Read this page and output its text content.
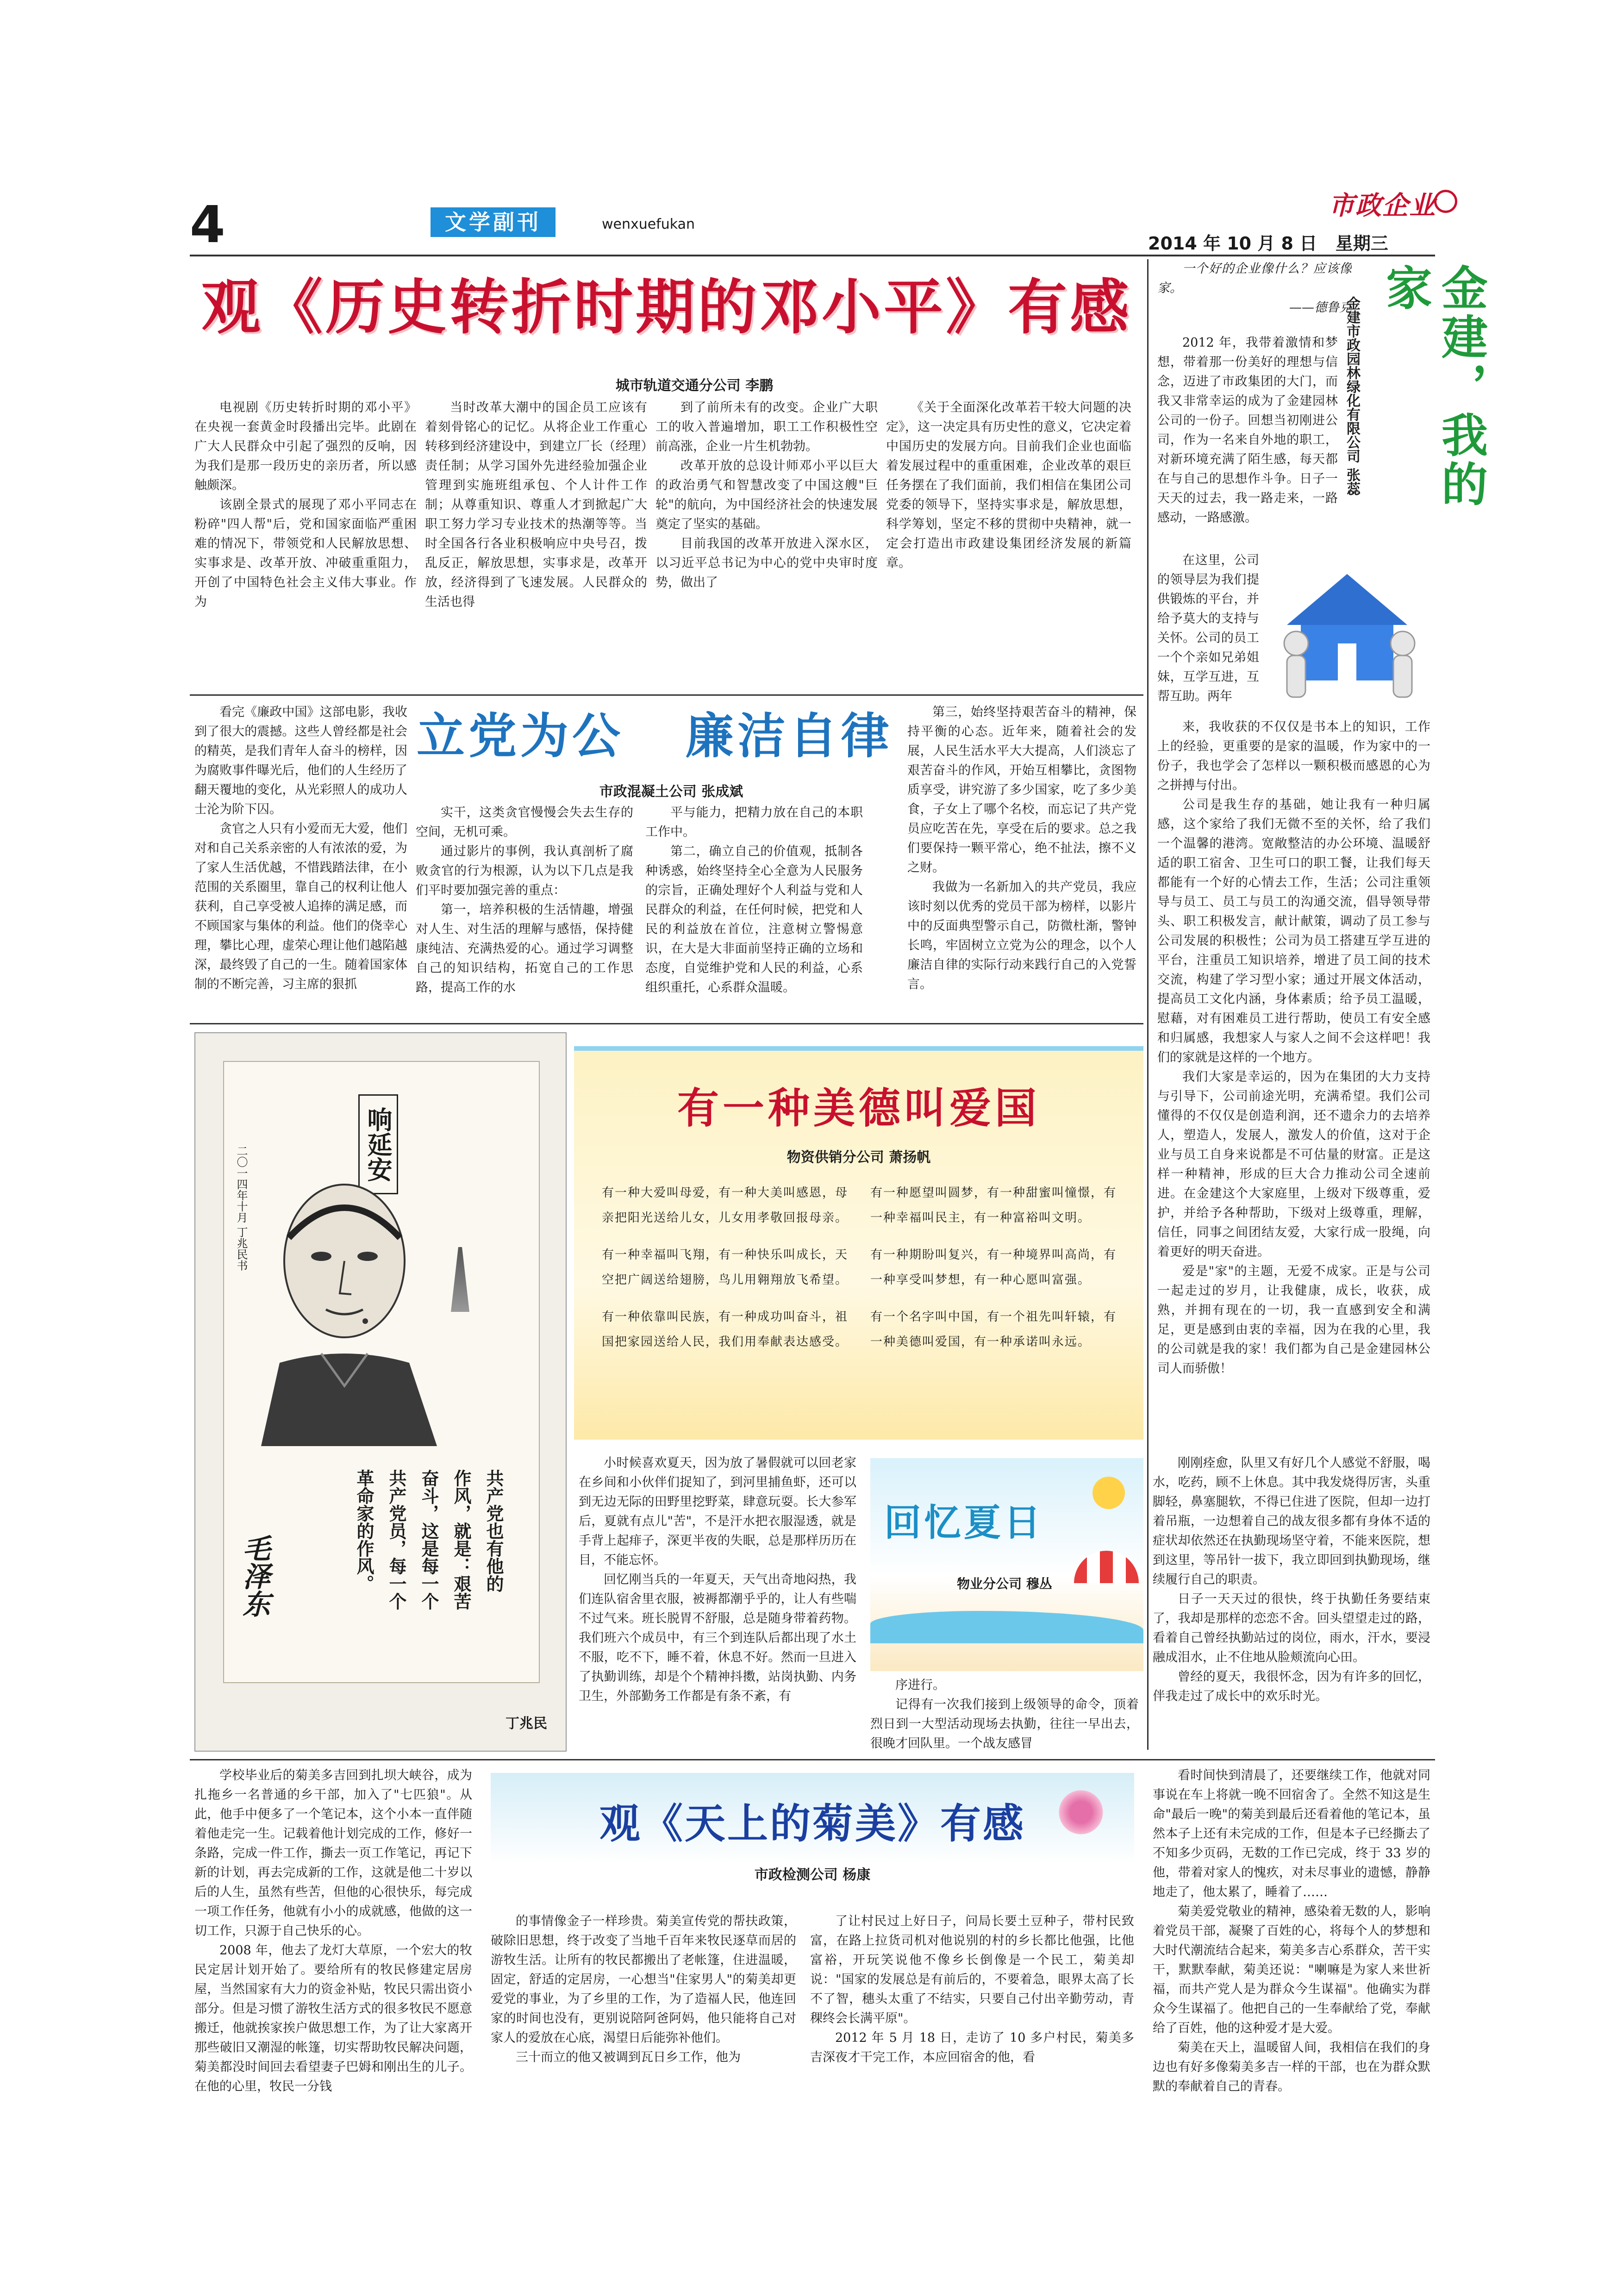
4	文学副刊	wenxuefukan
市政企业
2014 年 10 月 8 日   星期三
观《历史转折时期的邓小平》有感
城市轨道交通分公司 李鹏

电视剧《历史转折时期的邓小平》在央视一套黄金时段播出完毕。此剧在广大人民群众中引起了强烈的反响，因为我们是那一段历史的亲历者，所以感触颇深。

该剧全景式的展现了邓小平同志在粉碎"四人帮"后，党和国家面临严重困难的情况下，带领党和人民解放思想、实事求是、改革开放、冲破重重阻力，开创了中国特色社会主义伟大事业。作为

当时改革大潮中的国企员工应该有着刻骨铭心的记忆。从将企业工作重心转移到经济建设中，到建立厂长（经理）责任制；从学习国外先进经验加强企业管理到实施班组承包、个人计件工作制；从尊重知识、尊重人才到掀起广大职工努力学习专业技术的热潮等等。当时全国各行各业积极响应中央号召，拨乱反正，解放思想，实事求是，改革开放，经济得到了飞速发展。人民群众的生活也得

到了前所未有的改变。企业广大职工的收入普遍增加，职工工作积极性空前高涨，企业一片生机勃勃。

改革开放的总设计师邓小平以巨大的政治勇气和智慧改变了中国这艘"巨轮"的航向，为中国经济社会的快速发展奠定了坚实的基础。

目前我国的改革开放进入深水区，以习近平总书记为中心的党中央审时度势，做出了

《关于全面深化改革若干较大问题的决定》，这一决定具有历史性的意义，它决定着中国历史的发展方向。目前我们企业也面临着发展过程中的重重困难，企业改革的艰巨任务摆在了我们面前，我们相信在集团公司党委的领导下，坚持实事求是，解放思想，科学筹划，坚定不移的贯彻中央精神，就一定会打造出市政建设集团经济发展的新篇章。

看完《廉政中国》这部电影，我收到了很大的震撼。这些人曾经都是社会的精英，是我们青年人奋斗的榜样，因为腐败事件曝光后，他们的人生经历了翻天覆地的变化，从光彩照人的成功人士沦为阶下囚。

贪官之人只有小爱而无大爱，他们对和自己关系亲密的人有浓浓的爱，为了家人生活优越，不惜践踏法律，在小范围的关系圈里，靠自己的权利让他人获利，自己享受被人追捧的满足感，而不顾国家与集体的利益。他们的侥幸心理，攀比心理，虚荣心理让他们越陷越深，最终毁了自己的一生。随着国家体制的不断完善，习主席的狠抓

立党为公   廉洁自律
市政混凝土公司 张成斌

实干，这类贪官慢慢会失去生存的空间，无机可乘。

通过影片的事例，我认真剖析了腐败贪官的行为根源，认为以下几点是我们平时要加强完善的重点：

第一，培养积极的生活情趣，增强对人生、对生活的理解与感悟，保持健康纯洁、充满热爱的心。通过学习调整自己的知识结构，拓宽自己的工作思路，提高工作的水

平与能力，把精力放在自己的本职工作中。

第二，确立自己的价值观，抵制各种诱惑，始终坚持全心全意为人民服务的宗旨，正确处理好个人利益与党和人民群众的利益，在任何时候，把党和人民的利益放在首位，注意树立警惕意识，在大是大非面前坚持正确的立场和态度，自觉维护党和人民的利益，心系组织重托，心系群众温暖。

第三，始终坚持艰苦奋斗的精神，保持平衡的心态。近年来，随着社会的发展，人民生活水平大大提高，人们淡忘了艰苦奋斗的作风，开始互相攀比，贪图物质享受，讲究游了多少国家，吃了多少美食，子女上了哪个名校，而忘记了共产党员应吃苦在先，享受在后的要求。总之我们要保持一颗平常心，绝不扯法，擦不义之财。

我做为一名新加入的共产党员，我应该时刻以优秀的党员干部为榜样，以影片中的反面典型警示自己，防微杜渐，警钟长鸣，牢固树立立党为公的理念，以个人廉洁自律的实际行动来践行自己的入党誓言。

响延安
二〇一四年十月 丁兆民书
共产党也有他的
作风，就是：艰苦
奋斗，这是每一个
共产党员，每一个
革命家的作风。
毛泽东
丁兆民
有一种美德叫爱国
物资供销分公司 萧扬帆

有一种大爱叫母爱，有一种大美叫感恩，母亲把阳光送给儿女，儿女用孝敬回报母亲。

有一种幸福叫飞翔，有一种快乐叫成长，天空把广阔送给翅膀，鸟儿用翱翔放飞希望。

有一种依靠叫民族，有一种成功叫奋斗，祖国把家园送给人民，我们用奉献表达感受。

有一种愿望叫圆梦，有一种甜蜜叫憧憬，有一种幸福叫民主，有一种富裕叫文明。

有一种期盼叫复兴，有一种境界叫高尚，有一种享受叫梦想，有一种心愿叫富强。

有一个名字叫中国，有一个祖先叫轩辕，有一种美德叫爱国，有一种承诺叫永远。

小时候喜欢夏天，因为放了暑假就可以回老家在乡间和小伙伴们捉知了，到河里捕鱼虾，还可以到无边无际的田野里挖野菜，肆意玩耍。长大参军后，夏就有点儿"苦"，不是汗水把衣服湿透，就是手背上起痱子，深更半夜的失眠，总是那样历历在目，不能忘怀。

回忆刚当兵的一年夏天，天气出奇地闷热，我们连队宿舍里衣服，被褥都潮乎乎的，让人有些喘不过气来。班长脱胃不舒服，总是随身带着药物。我们班六个成员中，有三个到连队后都出现了水土不服，吃不下，睡不着，休息不好。然而一旦进入了执勤训练，却是个个精神抖擞，站岗执勤、内务卫生，外部勤务工作都是有条不紊，有

回忆夏日
物业分公司 穆丛

序进行。

记得有一次我们接到上级领导的命令，顶着烈日到一大型活动现场去执勤，往往一早出去，很晚才回队里。一个战友感冒

刚刚痊愈，队里又有好几个人感觉不舒服，喝水，吃药，顾不上休息。其中我发烧得厉害，头重脚轻，鼻塞腿软，不得已住进了医院，但却一边打着吊瓶，一边想着自己的战友很多都有身体不适的症状却依然还在执勤现场坚守着，不能来医院，想到这里，等吊针一拔下，我立即回到执勤现场，继续履行自己的职责。

日子一天天过的很快，终于执勤任务要结束了，我却是那样的恋恋不舍。回头望望走过的路，看着自己曾经执勤站过的岗位，雨水，汗水，要浸融成泪水，止不住地从脸颊流向心田。

曾经的夏天，我很怀念，因为有许多的回忆，伴我走过了成长中的欢乐时光。

学校毕业后的菊美多吉回到扎坝大峡谷，成为扎拖乡一名普通的乡干部，加入了"七匹狼"。从此，他手中便多了一个笔记本，这个小本一直伴随着他走完一生。记载着他计划完成的工作，修好一条路，完成一件工作，撕去一页工作笔记，再记下新的计划，再去完成新的工作，这就是他二十岁以后的人生，虽然有些苦，但他的心很快乐，每完成一项工作任务，他就有小小的成就感，他做的这一切工作，只源于自己快乐的心。

2008 年，他去了龙灯大草原，一个宏大的牧民定居计划开始了。要给所有的牧民修建定居房屋，当然国家有大力的资金补贴，牧民只需出资小部分。但是习惯了游牧生活方式的很多牧民不愿意搬迁，他就挨家挨户做思想工作，为了让大家离开那些破旧又潮湿的帐篷，切实帮助牧民解决问题，菊美都没时间回去看望妻子巴姆和刚出生的儿子。在他的心里，牧民一分钱

观《天上的菊美》有感
市政检测公司 杨康

的事情像金子一样珍贵。菊美宣传党的帮扶政策，破除旧思想，终于改变了当地千百年来牧民逐草而居的游牧生活。让所有的牧民都搬出了老帐篷，住进温暖，固定，舒适的定居房，一心想当"住家男人"的菊美却更爱党的事业，为了乡里的工作，为了造福人民，他连回家的时间也没有，更别说陪阿爸阿妈，他只能将自己对家人的爱放在心底，渴望日后能弥补他们。

三十而立的他又被调到瓦日乡工作，他为

了让村民过上好日子，问局长要土豆种子，带村民致富，在路上拉货司机对他说别的村的乡长都比他强，比他富裕，开玩笑说他不像乡长倒像是一个民工，菊美却说："国家的发展总是有前后的，不要着急，眼界太高了长不了智，穗头太重了不结实，只要自己付出辛勤劳动，青稞终会长满平原"。

2012 年 5 月 18 日，走访了 10 多户村民，菊美多吉深夜才干完工作，本应回宿舍的他，看

看时间快到清晨了，还要继续工作，他就对同事说在车上将就一晚不回宿舍了。全然不知这是生命"最后一晚"的菊美到最后还看着他的笔记本，虽然本子上还有未完成的工作，但是本子已经撕去了不知多少页码，无数的工作已完成，终于 33 岁的他，带着对家人的愧疚，对未尽事业的遗憾，静静地走了，他太累了，睡着了……

菊美爱党敬业的精神，感染着无数的人，影响着党员干部，凝聚了百姓的心，将每个人的梦想和大时代潮流结合起来，菊美多吉心系群众，苦干实干，默默奉献，菊美还说："喇嘛是为家人来世祈福，而共产党人是为群众今生谋福"。他确实为群众今生谋福了。他把自己的一生奉献给了党，奉献给了百姓，他的这种爱才是大爱。

菊美在天上，温暖留人间，我相信在我们的身边也有好多像菊美多吉一样的干部，也在为群众默默的奉献着自己的青春。

一个好的企业像什么？应该像家。

——德鲁克	金建，我的家
金建市政园林绿化有限公司 张蕊

2012 年，我带着激情和梦想，带着那一份美好的理想与信念，迈进了市政集团的大门，而我又非常幸运的成为了金建园林公司的一份子。回想当初刚进公司，作为一名来自外地的职工，对新环境充满了陌生感，每天都在与自己的思想作斗争。日子一天天的过去，我一路走来，一路感动，一路感激。

在这里，公司的领导层为我们提供锻炼的平台，并给予莫大的支持与关怀。公司的员工一个个亲如兄弟姐妹，互学互进，互帮互助。两年

来，我收获的不仅仅是书本上的知识，工作上的经验，更重要的是家的温暖，作为家中的一份子，我也学会了怎样以一颗积极而感恩的心为之拼搏与付出。

公司是我生存的基础，她让我有一种归属感，这个家给了我们无微不至的关怀，给了我们一个温馨的港湾。宽敞整洁的办公环境、温暖舒适的职工宿舍、卫生可口的职工餐，让我们每天都能有一个好的心情去工作，生活；公司注重领导与员工、员工与员工的沟通交流，倡导领导带头、职工积极发言，献计献策，调动了员工参与公司发展的积极性；公司为员工搭建互学互进的平台，注重员工知识培养，增进了员工间的技术交流，构建了学习型小家；通过开展文体活动，提高员工文化内涵，身体素质；给予员工温暖，慰藉，对有困难员工进行帮助，使员工有安全感和归属感，我想家人与家人之间不会这样吧！我们的家就是这样的一个地方。

我们大家是幸运的，因为在集团的大力支持与引导下，公司前途光明，充满希望。我们公司懂得的不仅仅是创造利润，还不遗余力的去培养人，塑造人，发展人，激发人的价值，这对于企业与员工自身来说都是不可估量的财富。正是这样一种精神，形成的巨大合力推动公司全速前进。在金建这个大家庭里，上级对下级尊重，爱护，并给予各种帮助，下级对上级尊重，理解，信任，同事之间团结友爱，大家行成一股绳，向着更好的明天奋进。

爱是"家"的主题，无爱不成家。正是与公司一起走过的岁月，让我健康，成长，收获，成熟，并拥有现在的一切，我一直感到安全和满足，更是感到由衷的幸福，因为在我的心里，我的公司就是我的家！我们都为自己是金建园林公司人而骄傲！
